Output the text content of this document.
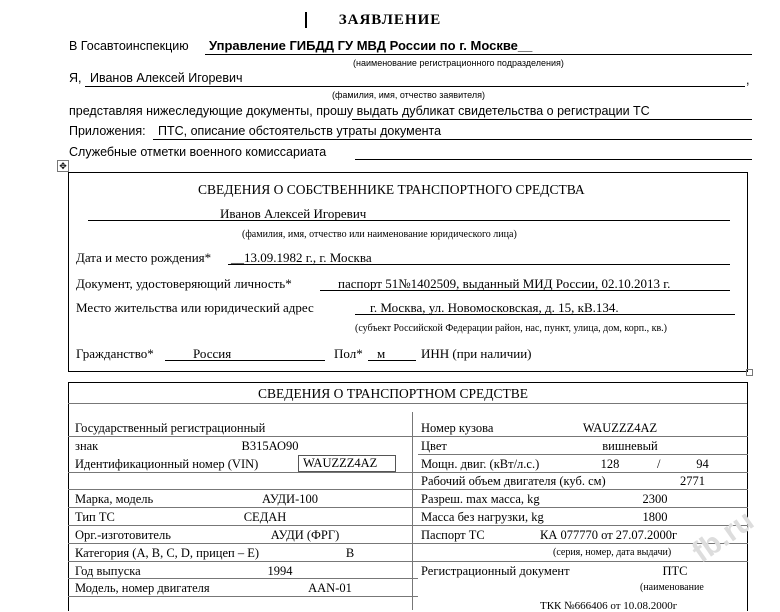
ЗАЯВЛЕНИЕ
В Госавтоинспекцию Управление ГИБДД ГУ МВД России по г. Москве__
(наименование регистрационного подразделения)
Я, Иванов Алексей Игоревич	,
(фамилия, имя, отчество заявителя)
представляя нижеследующие документы, прошу выдать дубликат свидетельства о регистрации ТС
Приложения: ПТС, описание обстоятельств утраты документа
Служебные отметки военного комиссариата
✥
СВЕДЕНИЯ О СОБСТВЕННИКЕ ТРАНСПОРТНОГО СРЕДСТВА
Иванов Алексей Игоревич
(фамилия, имя, отчество или наименование юридического лица)
Дата и место рождения* __13.09.1982 г., г. Москва
Документ, удостоверяющий личность*	паспорт 51№1402509, выданный МИД России, 02.10.2013 г.
Место жительства или юридический адрес	г. Москва, ул. Новомосковская, д. 15, кВ.134.
(субъект Российской Федерации район, нас, пункт, улица, дом, корп., кв.)
Гражданство*	Россия	Пол* м	ИНН (при наличии)
СВЕДЕНИЯ О ТРАНСПОРТНОМ СРЕДСТВЕ
Государственный регистрационный
знак	В315АО90
Идентификационный номер (VIN)	WAUZZZ4AZ
Марка, модель	АУДИ-100
Тип ТС	СЕДАН
Орг.-изготовитель	АУДИ (ФРГ)
Категория (А, В, С, D, прицеп – Е)	В
Год выпуска	1994
Модель, номер двигателя	AAN-01
Номер кузова	WAUZZZ4AZ
Цвет	вишневый
Мощн. двиг. (кВт/л.с.)	128	/	94
Рабочий объем двигателя (куб. см)	2771
Разреш. max масса, kg	2300
Масса без нагрузки, kg	1800
Паспорт ТС	КА 077770 от 27.07.2000г
(серия, номер, дата выдачи)
Регистрационный документ	ПТС
(наименование
ТКК №666406 от 10.08.2000г
fb.ru
